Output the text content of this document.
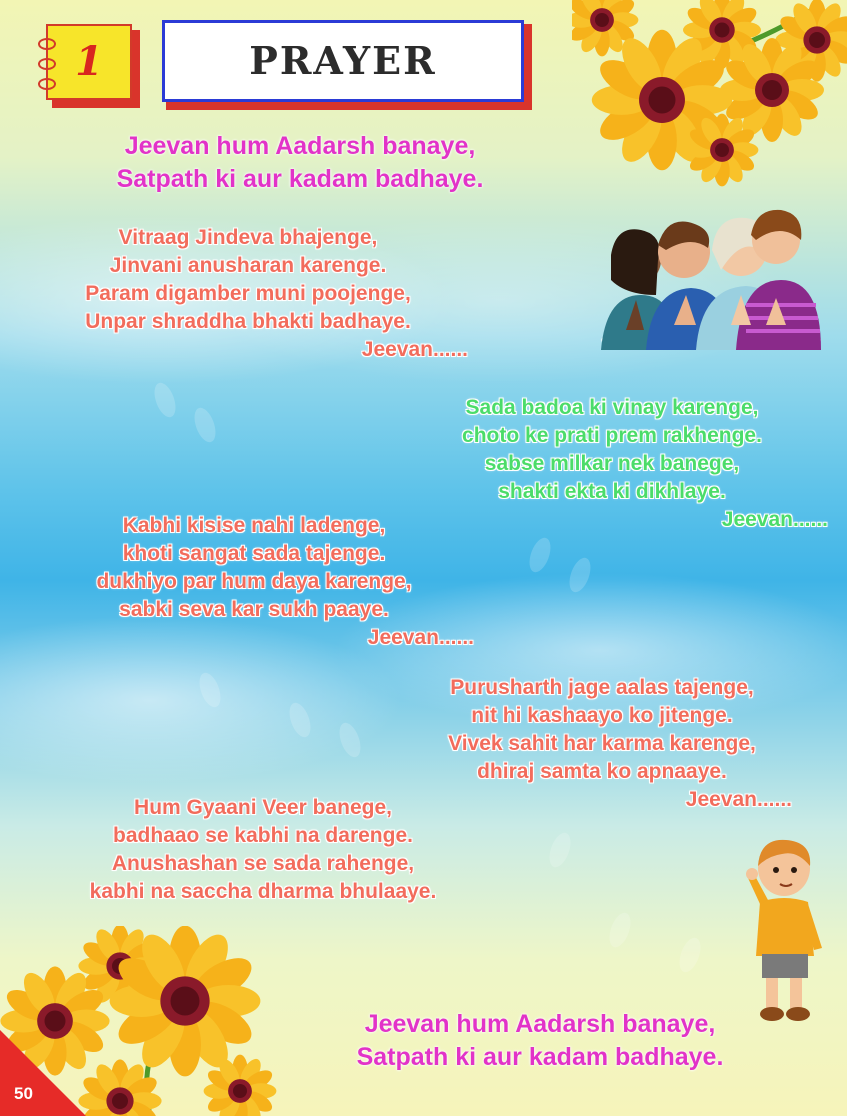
1	PRAYER
Jeevan hum Aadarsh banaye,
Satpath ki aur kadam badhaye.
Vitraag Jindeva bhajenge,
Jinvani anusharan karenge.
Param digamber muni poojenge,
Unpar shraddha bhakti badhaye.
Jeevan......
Sada badoa ki vinay karenge,
choto ke prati prem rakhenge.
sabse milkar nek banege,
shakti ekta ki dikhlaye.
Jeevan......
Kabhi kisise nahi ladenge,
khoti sangat sada tajenge.
dukhiyo par hum daya karenge,
sabki seva kar sukh paaye.
Jeevan......
Purusharth jage aalas tajenge,
nit hi kashaayo ko jitenge.
Vivek sahit har karma karenge,
dhiraj samta ko apnaaye.
Jeevan......
Hum Gyaani Veer banege,
badhaao se kabhi na darenge.
Anushashan se sada rahenge,
kabhi na saccha dharma bhulaaye.
Jeevan hum Aadarsh banaye,
Satpath ki aur kadam badhaye.
50
